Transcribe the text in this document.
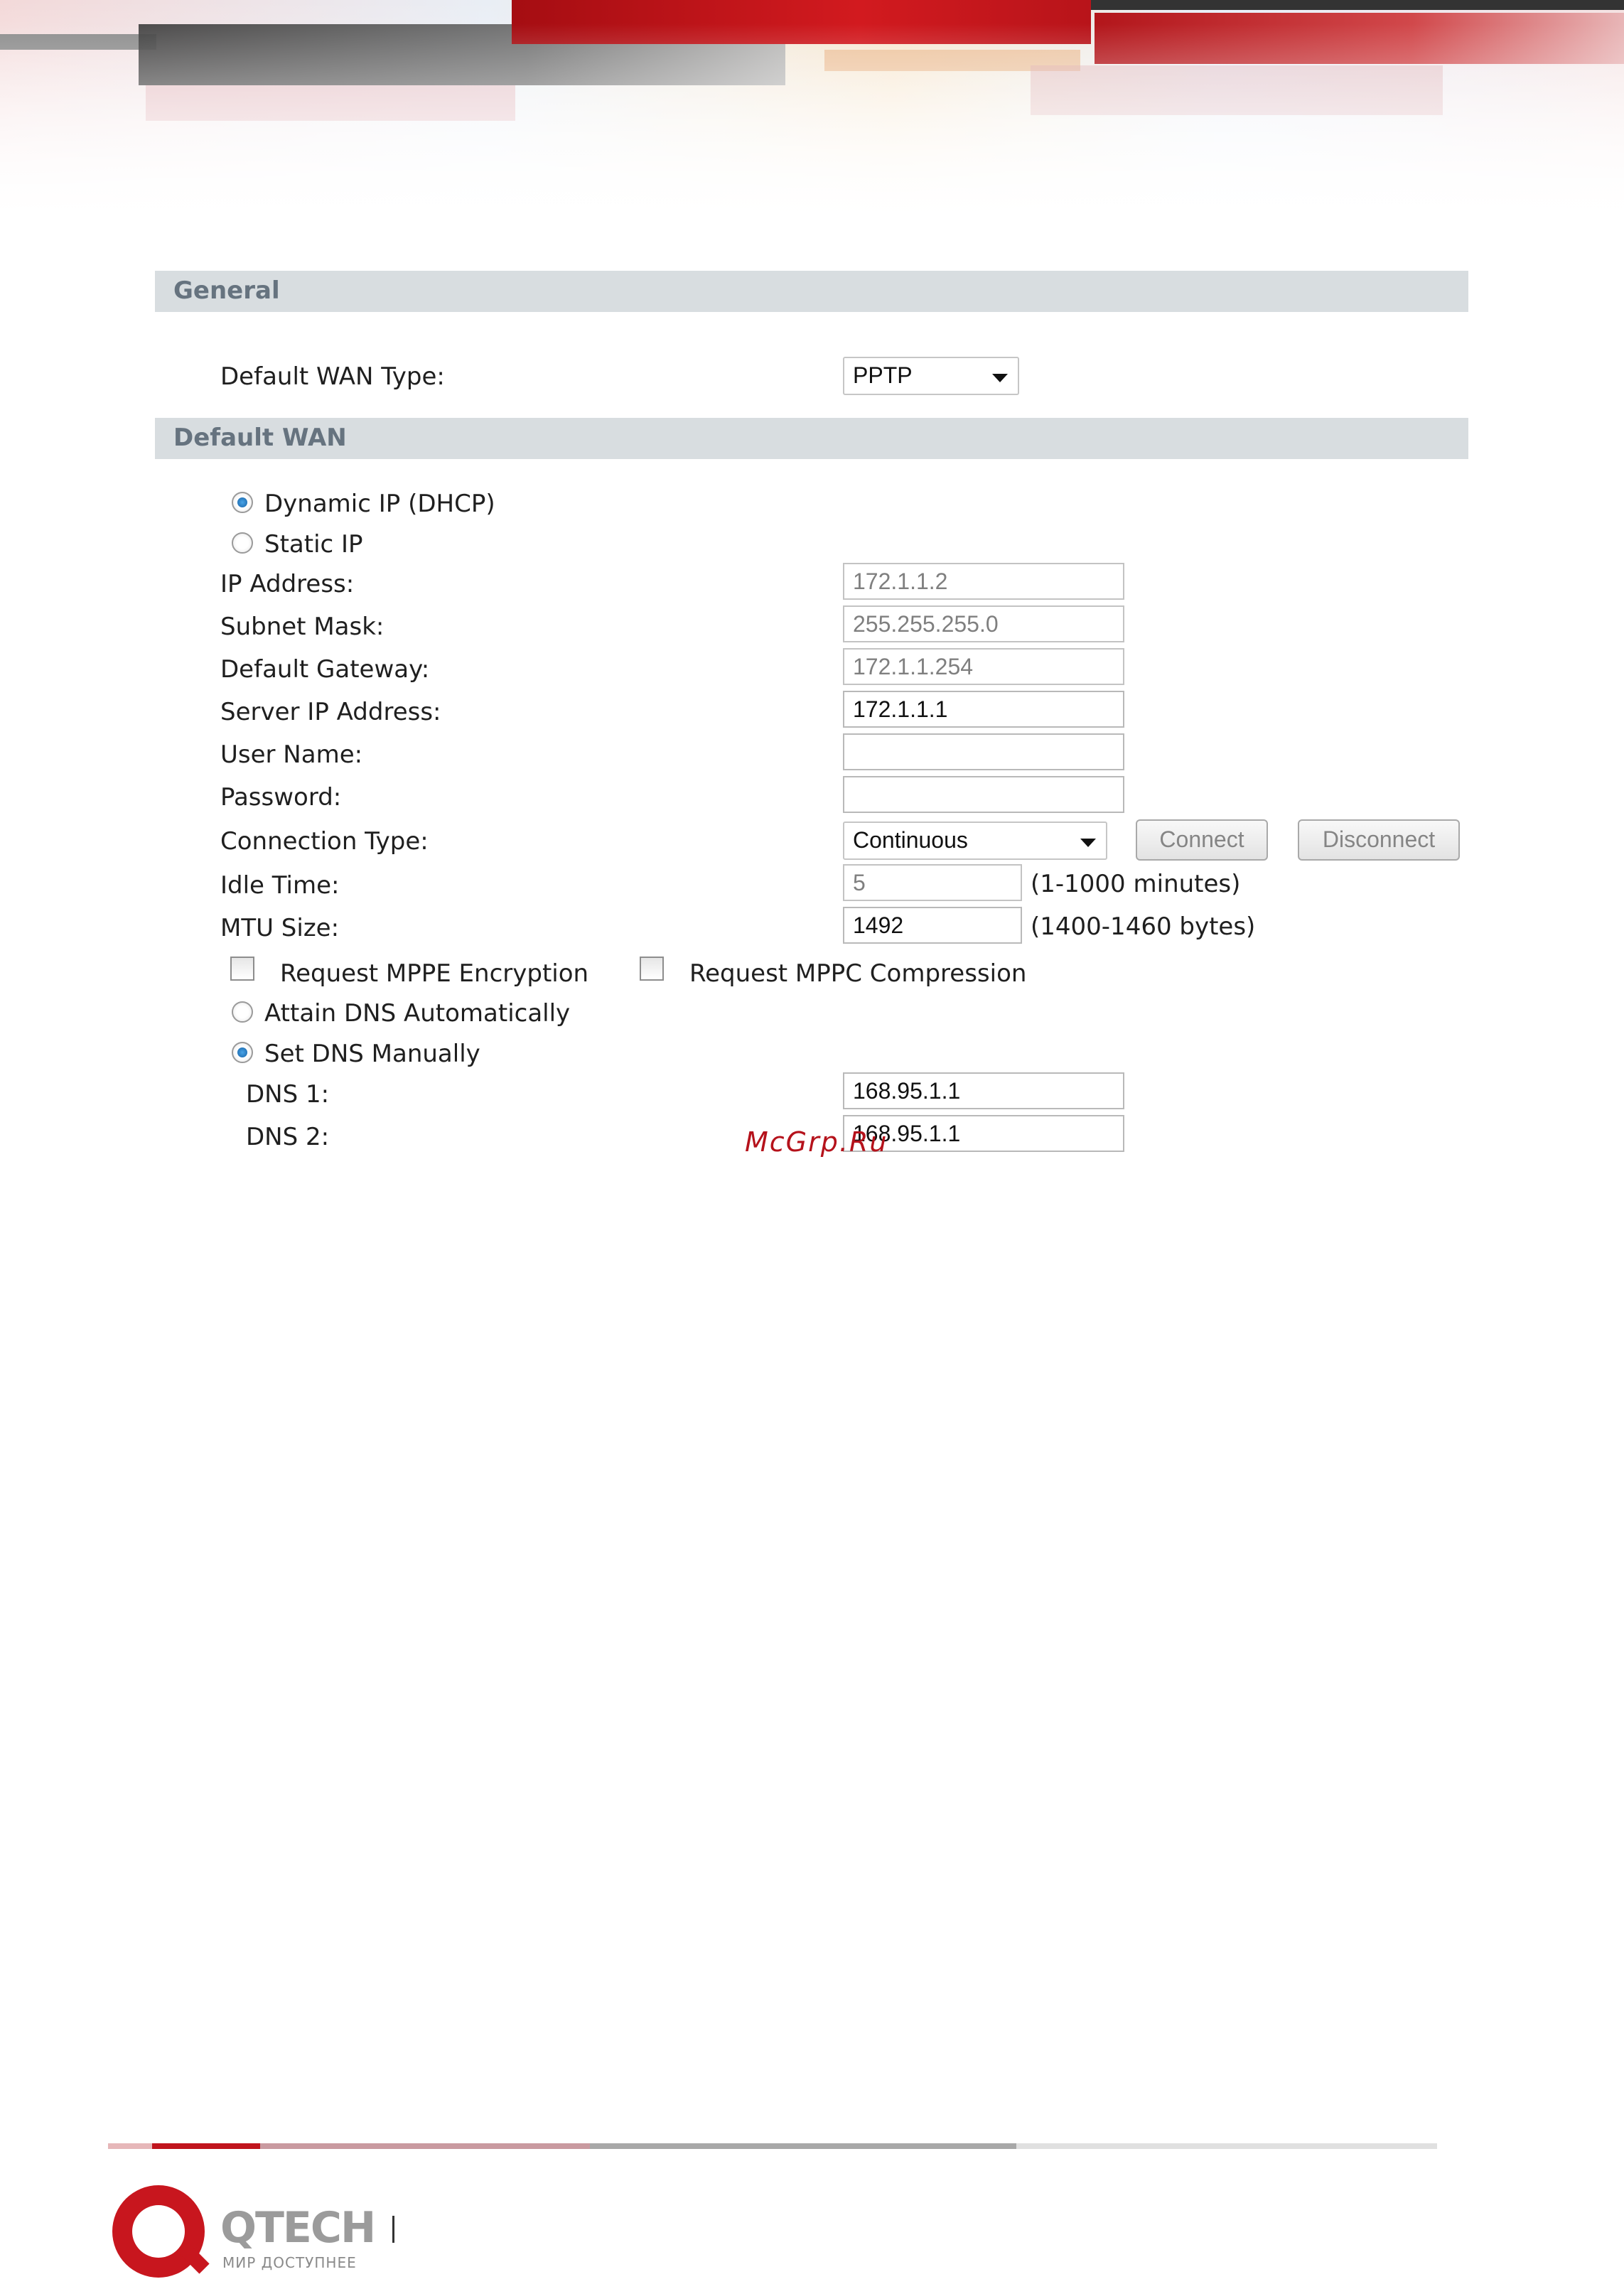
General
Default WAN Type:	PPTP
Default WAN
Dynamic IP (DHCP)
Static IP
IP Address:	172.1.1.2
Subnet Mask:	255.255.255.0
Default Gateway:	172.1.1.254
Server IP Address:	172.1.1.1
User Name:
Password:
Connection Type:	Continuous	Connect	Disconnect
Idle Time:	5	(1-1000 minutes)
MTU Size:	1492	(1400-1460 bytes)
Request MPPE Encryption	Request MPPC Compression
Attain DNS Automatically
Set DNS Manually
DNS 1:	168.95.1.1
DNS 2:	168.95.1.1
McGrp.Ru
QTECH
МИР ДОСТУПНЕЕ
